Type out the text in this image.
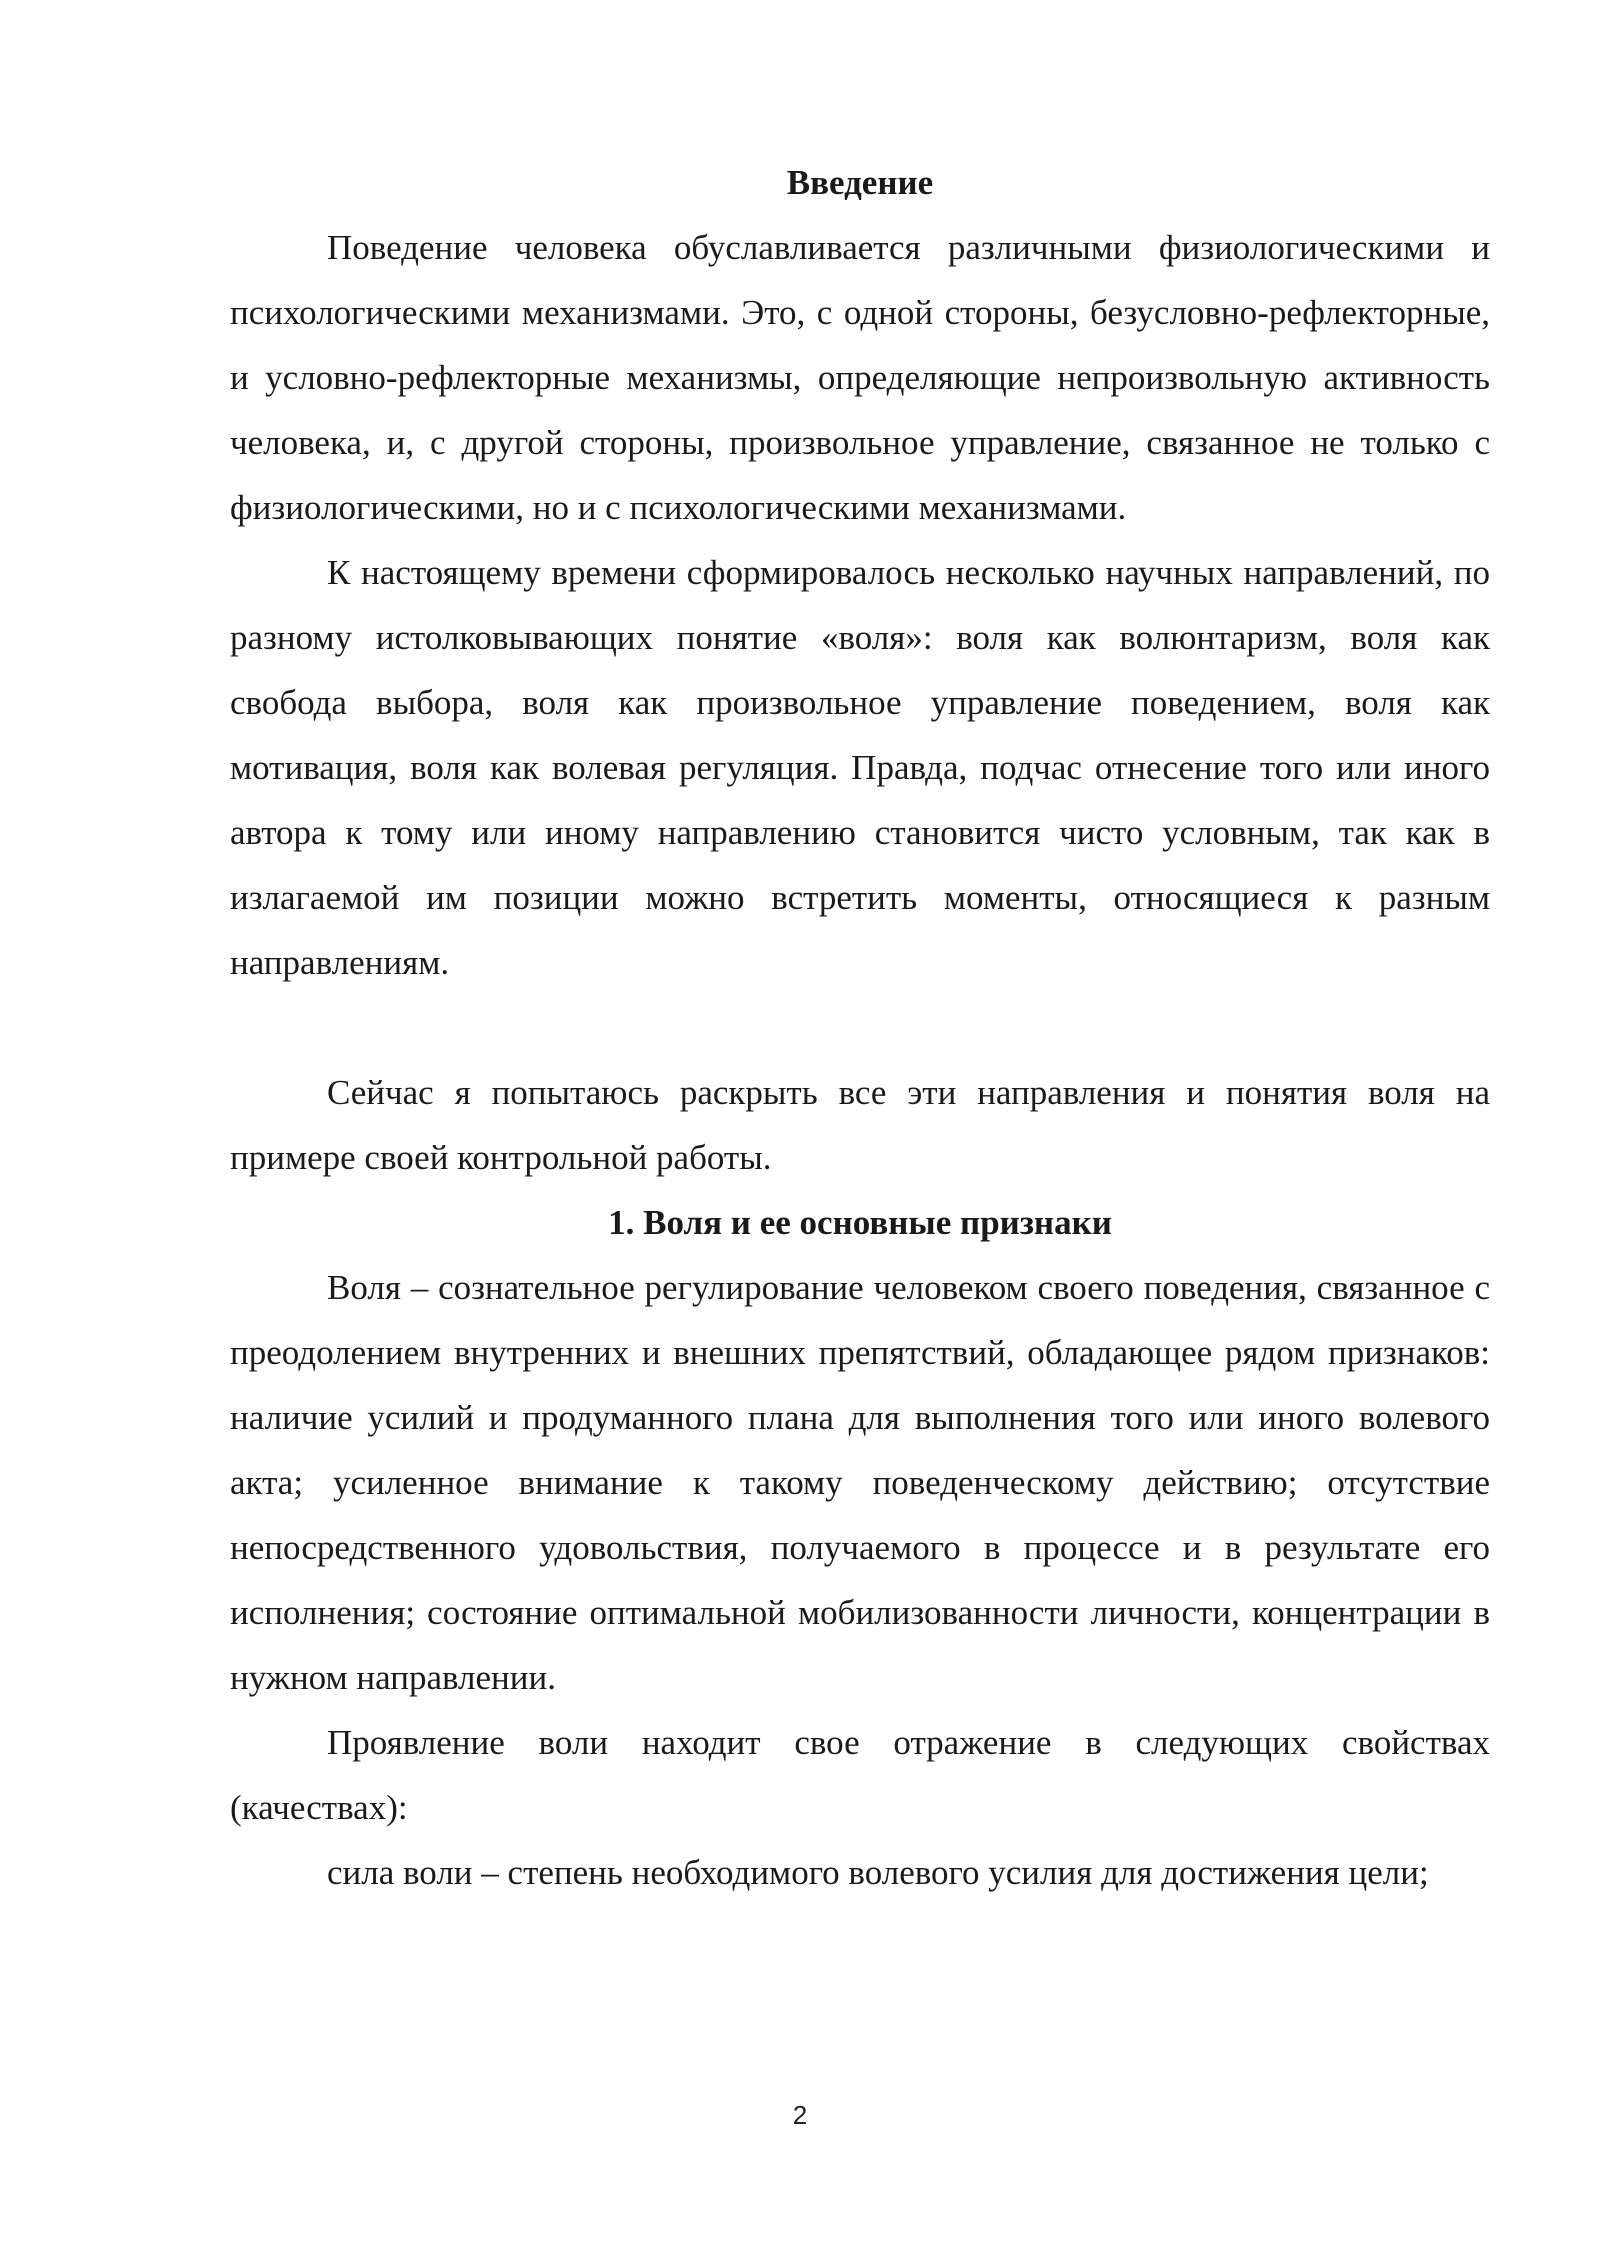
Введение

Поведение человека обуславливается различными физиологическими и психологическими механизмами. Это, с одной стороны, безусловно-рефлекторные, и условно-рефлекторные механизмы, определяющие непроизвольную активность человека, и, с другой стороны, произвольное управление, связанное не только с физиологическими, но и с психологическими механизмами.

К настоящему времени сформировалось несколько научных направлений, по разному истолковывающих понятие «воля»: воля как волюнтаризм, воля как свобода выбора, воля как произвольное управление поведением, воля как мотивация, воля как волевая регуляция. Правда, подчас отнесение того или иного автора к тому или иному направлению становится чисто условным, так как в излагаемой им позиции можно встретить моменты, относящиеся к разным направлениям.

Сейчас я попытаюсь раскрыть все эти направления и понятия воля на примере своей контрольной работы.

1. Воля и ее основные признаки

Воля – сознательное регулирование человеком своего поведения, связанное с преодолением внутренних и внешних препятствий, обладающее рядом признаков: наличие усилий и продуманного плана для выполнения того или иного волевого акта; усиленное внимание к такому поведенческому действию; отсутствие непосредственного удовольствия, получаемого в процессе и в результате его исполнения; состояние оптимальной мобилизованности личности, концентрации в нужном направлении.

Проявление воли находит свое отражение в следующих свойствах (качествах):

сила воли – степень необходимого волевого усилия для достижения цели;

2
